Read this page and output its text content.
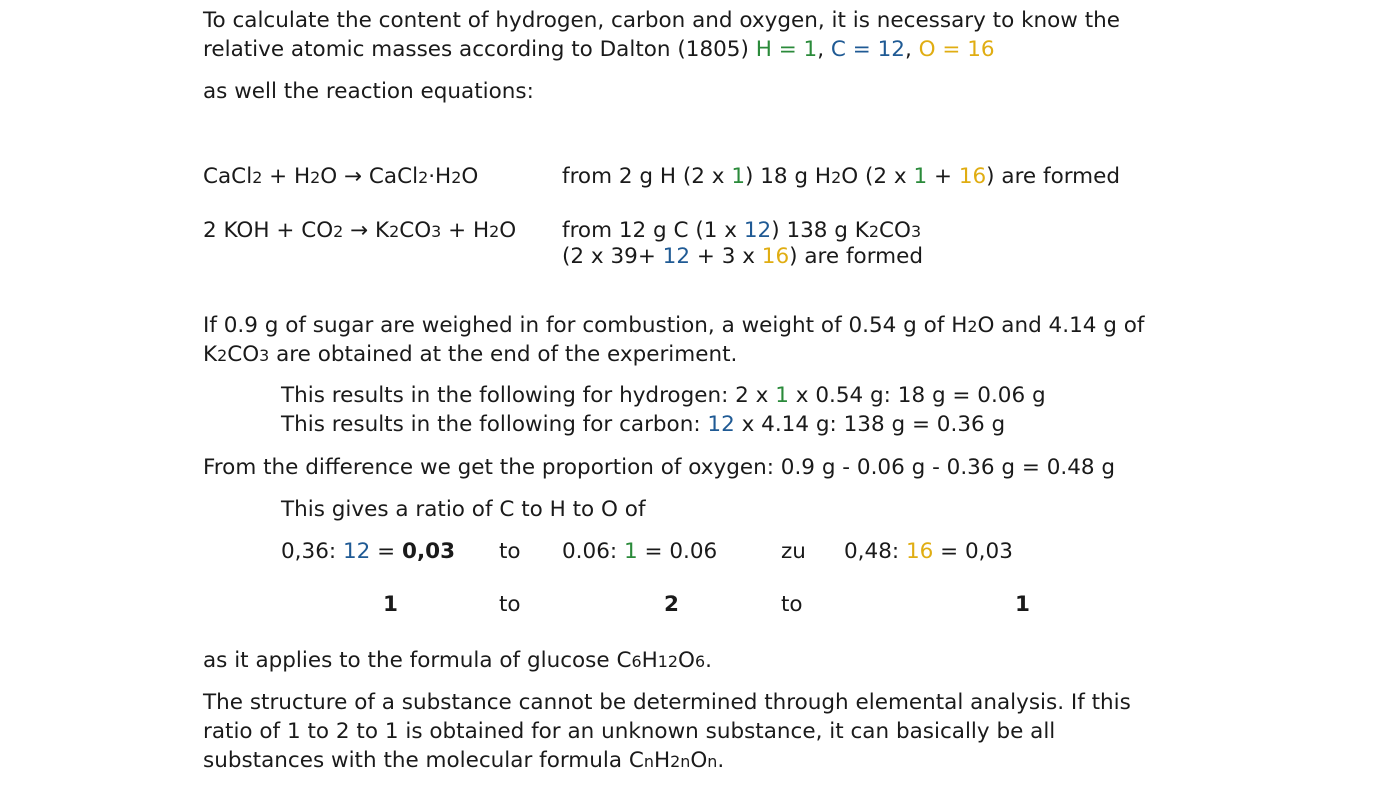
To calculate the content of hydrogen, carbon and oxygen, it is necessary to know the
relative atomic masses according to Dalton (1805) H = 1, C = 12, O = 16
as well the reaction equations:
CaCl2 + H2O → CaCl2·H2O	from 2 g H (2 x 1) 18 g H2O (2 x 1 + 16) are formed
2 KOH + CO2 → K2CO3 + H2O from 12 g C (1 x 12) 138 g K2CO3
(2 x 39+ 12 + 3 x 16) are formed
If 0.9 g of sugar are weighed in for combustion, a weight of 0.54 g of H2O and 4.14 g of
K2CO3 are obtained at the end of the experiment.
This results in the following for hydrogen: 2 x 1 x 0.54 g: 18 g = 0.06 g
This results in the following for carbon: 12 x 4.14 g: 138 g = 0.36 g
From the difference we get the proportion of oxygen: 0.9 g - 0.06 g - 0.36 g = 0.48 g
This gives a ratio of C to H to O of
0,36: 12 = 0,03 to 0.06: 1 = 0.06	zu 0,48: 16 = 0,03
1	to	2	to	1
as it applies to the formula of glucose C6H12O6.
The structure of a substance cannot be determined through elemental analysis. If this
ratio of 1 to 2 to 1 is obtained for an unknown substance, it can basically be all
substances with the molecular formula CnH2nOn.
